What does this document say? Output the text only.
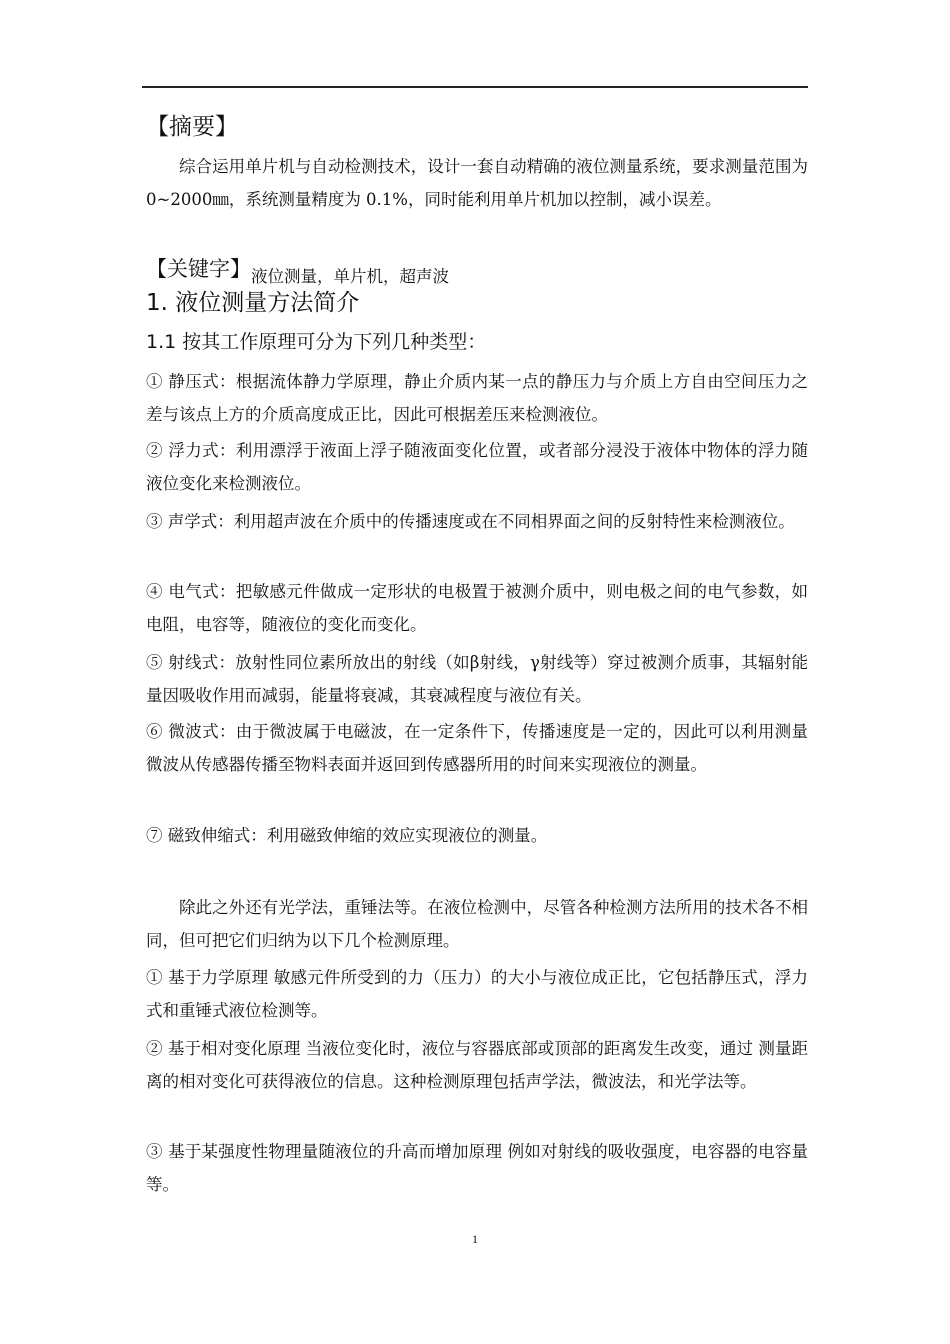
【摘要】

综合运用单片机与自动检测技术，设计一套自动精确的液位测量系统，要求测量范围为 0~2000㎜，系统测量精度为 0.1%，同时能利用单片机加以控制，减小误差。

【关键字】液位测量，单片机，超声波
1. 液位测量方法简介
1.1 按其工作原理可分为下列几种类型：

① 静压式：根据流体静力学原理，静止介质内某一点的静压力与介质上方自由空间压力之差与该点上方的介质高度成正比，因此可根据差压来检测液位。

② 浮力式：利用漂浮于液面上浮子随液面变化位置，或者部分浸没于液体中物体的浮力随液位变化来检测液位。

③ 声学式：利用超声波在介质中的传播速度或在不同相界面之间的反射特性来检测液位。

④ 电气式：把敏感元件做成一定形状的电极置于被测介质中，则电极之间的电气参数，如电阻，电容等，随液位的变化而变化。

⑤ 射线式：放射性同位素所放出的射线（如β射线，γ射线等）穿过被测介质事，其辐射能量因吸收作用而减弱，能量将衰减，其衰减程度与液位有关。

⑥ 微波式：由于微波属于电磁波，在一定条件下，传播速度是一定的，因此可以利用测量微波从传感器传播至物料表面并返回到传感器所用的时间来实现液位的测量。

⑦ 磁致伸缩式：利用磁致伸缩的效应实现液位的测量。

除此之外还有光学法，重锤法等。在液位检测中，尽管各种检测方法所用的技术各不相同，但可把它们归纳为以下几个检测原理。

① 基于力学原理 敏感元件所受到的力（压力）的大小与液位成正比，它包括静压式，浮力式和重锤式液位检测等。

② 基于相对变化原理 当液位变化时，液位与容器底部或顶部的距离发生改变，通过 测量距离的相对变化可获得液位的信息。这种检测原理包括声学法，微波法，和光学法等。

③ 基于某强度性物理量随液位的升高而增加原理 例如对射线的吸收强度，电容器的电容量等。

1
